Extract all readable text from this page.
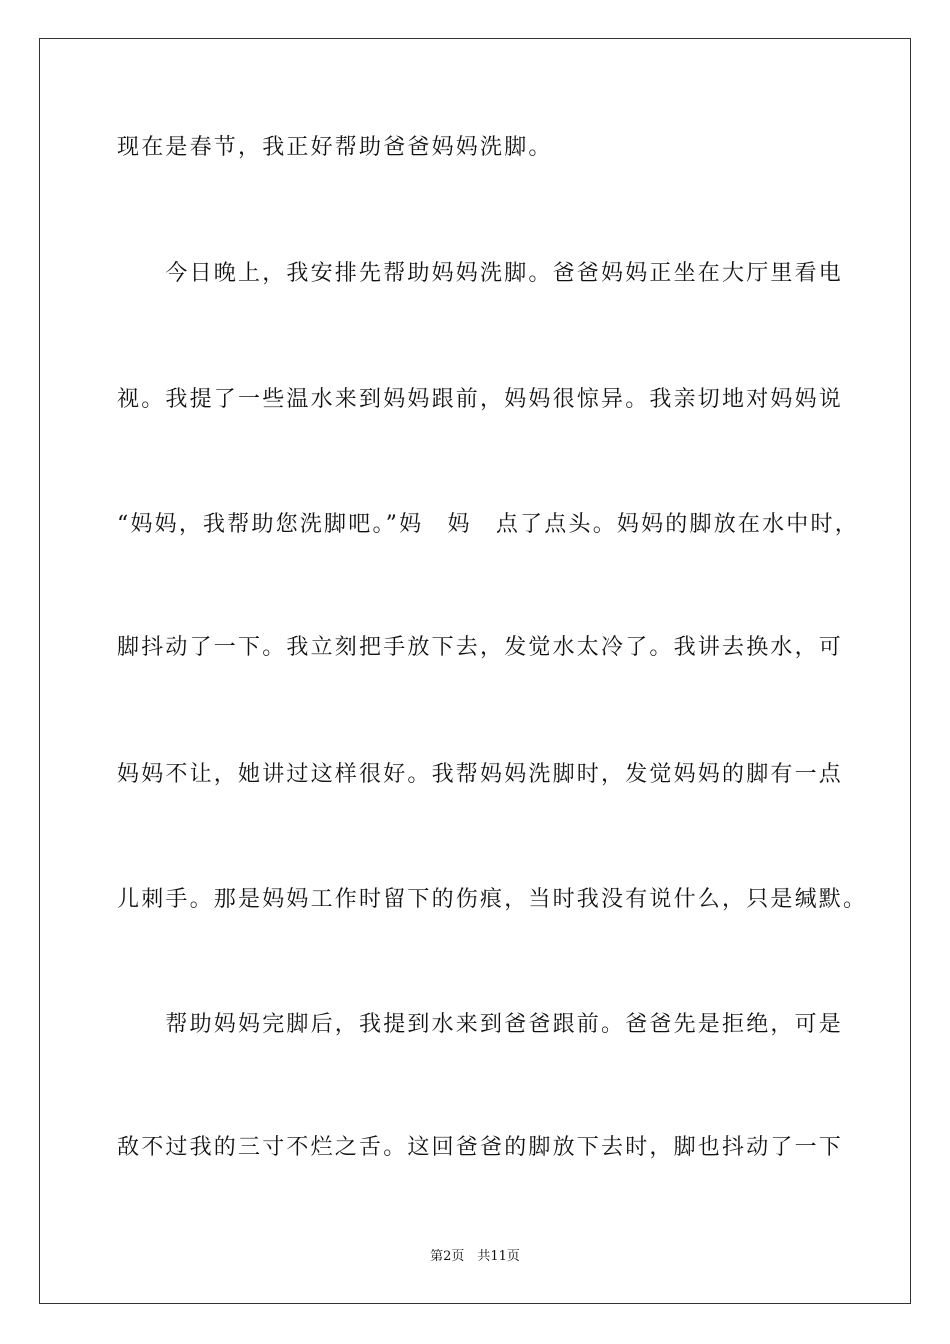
现在是春节，我正好帮助爸爸妈妈洗脚。
　　今日晚上，我安排先帮助妈妈洗脚。爸爸妈妈正坐在大厅里看电
视。我提了一些温水来到妈妈跟前，妈妈很惊异。我亲切地对妈妈说
“妈妈，我帮助您洗脚吧。”妈　妈　点了点头。妈妈的脚放在水中时，
脚抖动了一下。我立刻把手放下去，发觉水太冷了。我讲去换水，可
妈妈不让，她讲过这样很好。我帮妈妈洗脚时，发觉妈妈的脚有一点
儿刺手。那是妈妈工作时留下的伤痕，当时我没有说什么，只是缄默。
　　帮助妈妈完脚后，我提到水来到爸爸跟前。爸爸先是拒绝，可是
敌不过我的三寸不烂之舌。这回爸爸的脚放下去时，脚也抖动了一下
第2页　共11页
